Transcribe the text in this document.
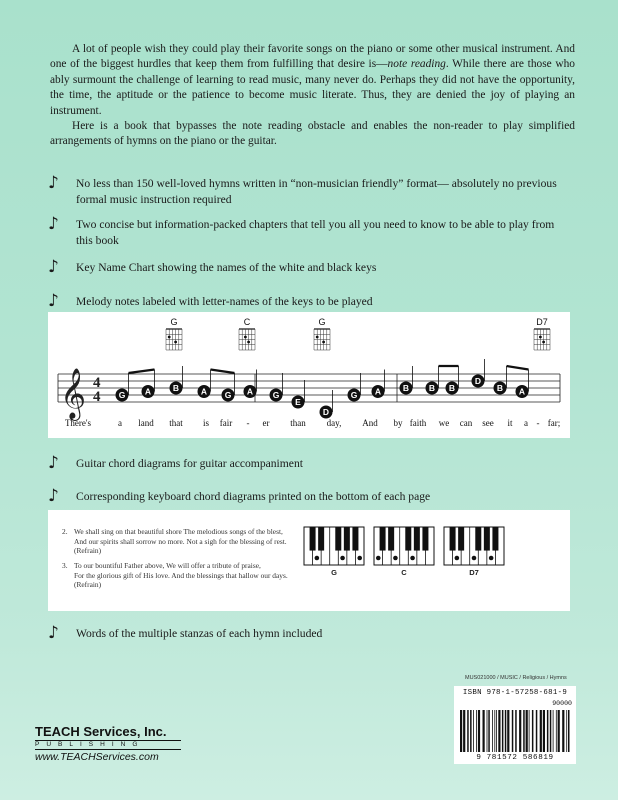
A lot of people wish they could play their favorite songs on the piano or some other musical instrument. And one of the biggest hurdles that keep them from fulfilling that desire is—note reading. While there are those who ably surmount the challenge of learning to read music, many never do. Perhaps they did not have the opportunity, the time, the aptitude or the patience to become music literate. Thus, they are denied the joy of playing an instrument.

Here is a book that bypasses the note reading obstacle and enables the non-reader to play simplified arrangements of hymns on the piano or the guitar.

♪	No less than 150 well-loved hymns written in “non-musician friendly” format— absolutely no previous formal music instruction required
♪	Two concise but information-packed chapters that tell you all you need to know to be able to play from this book
♪	Key Name Chart showing the names of the white and black keys
♪	Melody notes labeled with letter-names of the keys to be played
G	C	G	D7
𝄞 4
4 G A	B	A G A G
E
D
G A	B B B
D
B A
There's	a land that is fair - er than day, And by faith we can see it a - far;
♪	Guitar chord diagrams for guitar accompaniment
♪	Corresponding keyboard chord diagrams printed on the bottom of each page
2. We shall sing on that beautiful shore The melodious songs of the blest,
And our spirits shall sorrow no more. Not a sigh for the blessing of rest.
(Refrain)
3. To our bountiful Father above, We will offer a tribute of praise,
For the glorious gift of His love. And the blessings that hallow our days.
(Refrain)
G	C	D7
♪	Words of the multiple stanzas of each hymn included
MUS021000 / MUSIC / Religious / Hymns
ISBN 978-1-57258-681-9
90000
9 781572 586819
TEACH Services, Inc.
PUBLISHING
www.TEACHServices.com
